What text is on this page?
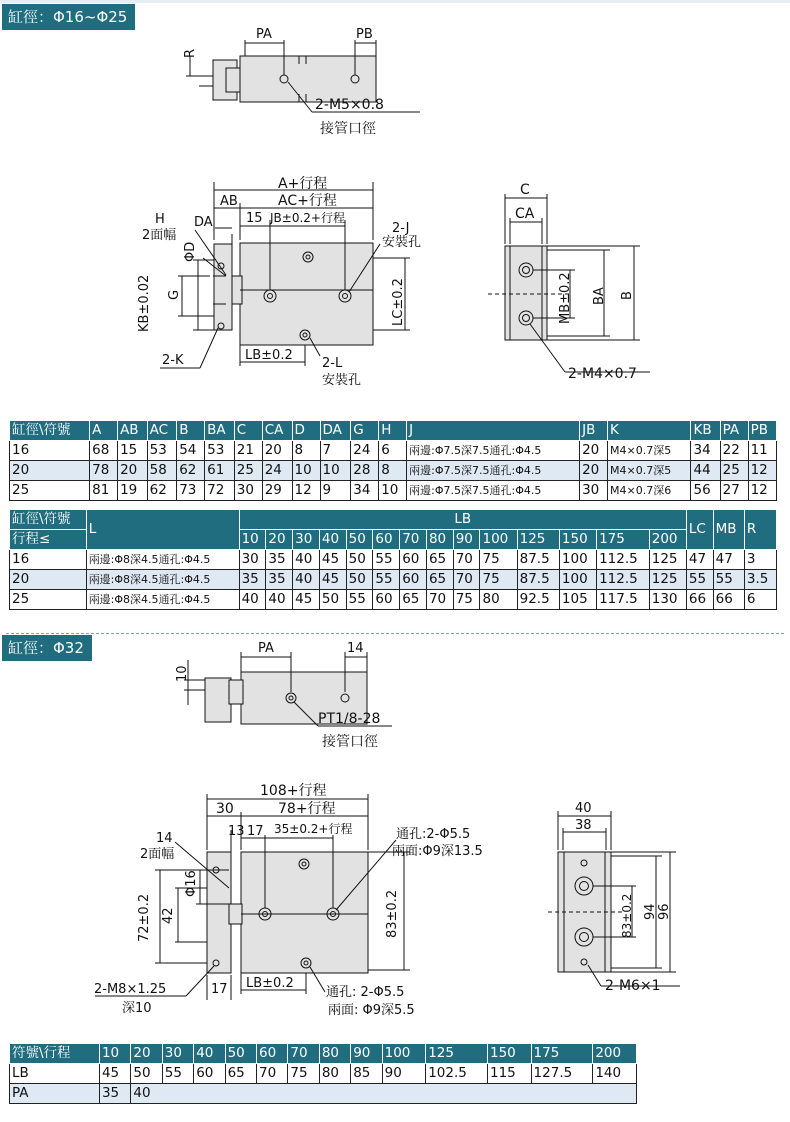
缸徑：Φ16~Φ25
R
PA	PB
2-M5×0.8
接管口徑
A+行程
AB	AC+行程
DA
H
2面幅
15 JB±0.2+行程
2-J
安裝孔
ΦD
KB±0.02 G	LC±0.2
2-K	LB±0.2
2-L
安裝孔
C
CA
MB±0.2 BA B
2-M4×0.7
缸徑\符號	A	AB	AC	B	BA	C	CA	D	DA	G	H	J	JB	K	KB	PA	PB
16	68	15	53	54	53	21	20	8	7	24	6	兩邊:Φ7.5深7.5通孔:Φ4.5	20	M4×0.7深5	34	22	11
20	78	20	58	62	61	25	24	10	10	28	8	兩邊:Φ7.5深7.5通孔:Φ4.5	20	M4×0.7深5	44	25	12
25	81	19	62	73	72	30	29	12	9	34	10	兩邊:Φ7.5深7.5通孔:Φ4.5	30	M4×0.7深6	56	27	12
缸徑\符號	L	LB														LC	MB	R
行程≤		10	20	30	40	50	60	70	80	90	100	125	150	175	200			
16	兩邊:Φ8深4.5通孔:Φ4.5	30	35	40	45	50	55	60	65	70	75	87.5	100	112.5	125	47	47	3
20	兩邊:Φ8深4.5通孔:Φ4.5	35	35	40	45	50	55	60	65	70	75	87.5	100	112.5	125	55	55	3.5
25	兩邊:Φ8深4.5通孔:Φ4.5	40	40	45	50	55	60	65	70	75	80	92.5	105	117.5	130	66	66	6
缸徑：Φ32
10
PA	14
PT1/8-28
接管口徑
108+行程
30	78+行程
14
2面幅
13 17 35±0.2+行程	通孔:2-Φ5.5
兩面:Φ9深13.5
Φ16
72±0.2 42	83±0.2
2-M8×1.25
深10
17 LB±0.2
通孔: 2-Φ5.5
兩面: Φ9深5.5
40
38
83±0.2 94 96
2-M6×1
符號\行程	10	20	30	40	50	60	70	80	90	100	125	150	175	200
LB	45	50	55	60	65	70	75	80	85	90	102.5	115	127.5	140
PA	35	40												
